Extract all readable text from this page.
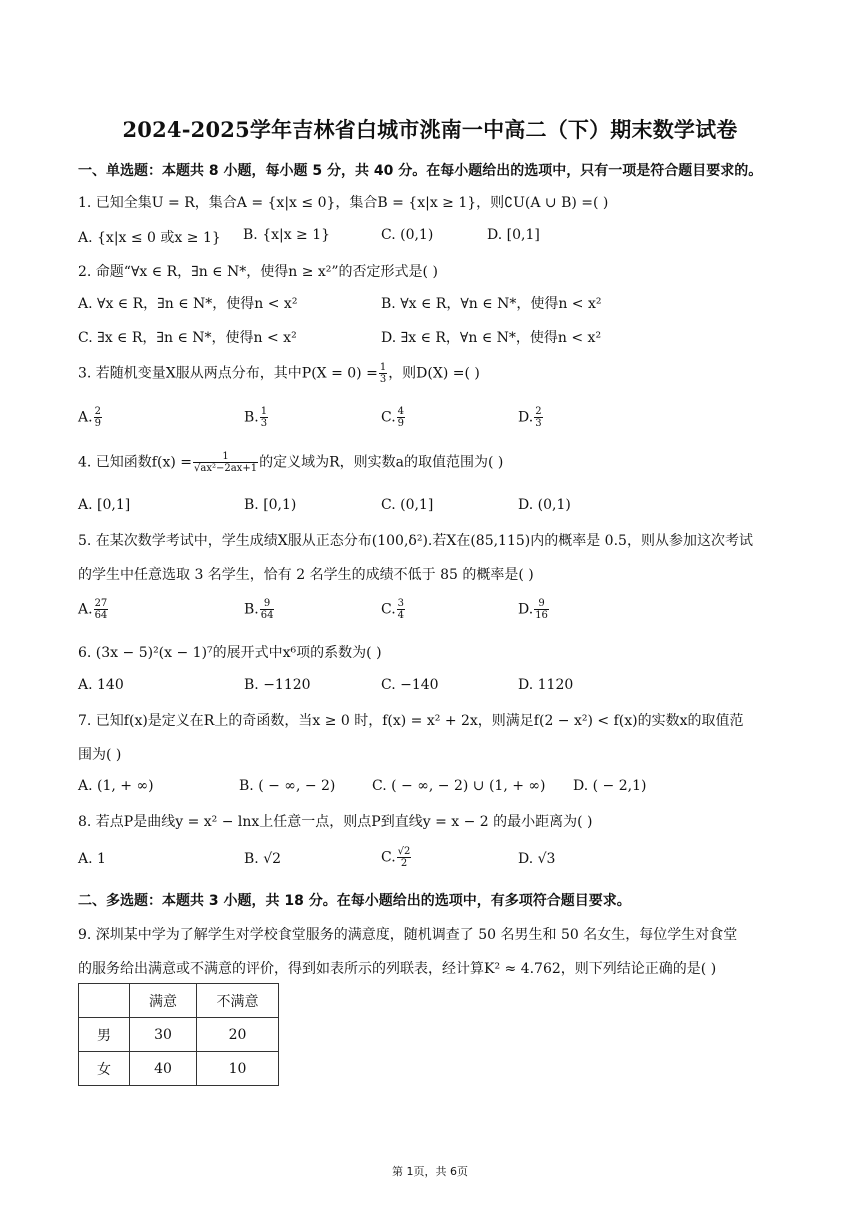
2024-2025学年吉林省白城市洮南一中高二（下）期末数学试卷
一、单选题：本题共 8 小题，每小题 5 分，共 40 分。在每小题给出的选项中，只有一项是符合题目要求的。
1. 已知全集U = R，集合A = {x|x ≤ 0}，集合B = {x|x ≥ 1}，则∁U(A ∪ B) =( )
A. {x|x ≤ 0 或x ≥ 1} B. {x|x ≥ 1}	C. (0,1)	D. [0,1]
2. 命题“∀x ∈ R，∃n ∈ N*，使得n ≥ x²”的否定形式是( )
A. ∀x ∈ R，∃n ∈ N*，使得n < x²	B. ∀x ∈ R，∀n ∈ N*，使得n < x²
C. ∃x ∈ R，∃n ∈ N*，使得n < x²	D. ∃x ∈ R，∀n ∈ N*，使得n < x²
3. 若随机变量X服从两点分布，其中$P(X = 0) = \frac{1}{3}$ ，则D(X) =( )
A. $\frac{2}{9}$	B. $\frac{1}{3}$	C. $\frac{4}{9}$	D. $\frac{2}{3}$
4. 已知函数$f(x) = \frac{1}{\text{√ax²−2ax+1}}$ 的定义域为R，则实数a的取值范围为( )
A. [0,1]	B. [0,1)	C. (0,1]	D. (0,1)
5. 在某次数学考试中，学生成绩X服从正态分布(100,δ²).若X在(85,115)内的概率是 0.5，则从参加这次考试
的学生中任意选取 3 名学生，恰有 2 名学生的成绩不低于 85 的概率是( )
A. $\frac{27}{64}$	B. $\frac{9}{64}$	C. $\frac{3}{4}$	D. $\frac{9}{16}$
6. (3x − 5)²(x − 1)⁷的展开式中x⁶项的系数为( )
A. 140	B. −1120	C. −140	D. 1120
7. 已知f(x)是定义在R上的奇函数，当x ≥ 0 时，f(x) = x² + 2x，则满足f(2 − x²) < f(x)的实数x的取值范
围为( )
A. (1, + ∞)	B. ( − ∞, − 2)	C. ( − ∞, − 2) ∪ (1, + ∞) D. ( − 2,1)
8. 若点P是曲线y = x² − lnx上任意一点，则点P到直线y = x − 2 的最小距离为( )
A. 1	B. √2	C. $\frac{√2}{2}$	D. √3
二、多选题：本题共 3 小题，共 18 分。在每小题给出的选项中，有多项符合题目要求。
9. 深圳某中学为了解学生对学校食堂服务的满意度，随机调查了 50 名男生和 50 名女生，每位学生对食堂
的服务给出满意或不满意的评价，得到如表所示的列联表，经计算K² ≈ 4.762，则下列结论正确的是( )
	满意	不满意
男	30	20
女	40	10
第 1页，共 6页
